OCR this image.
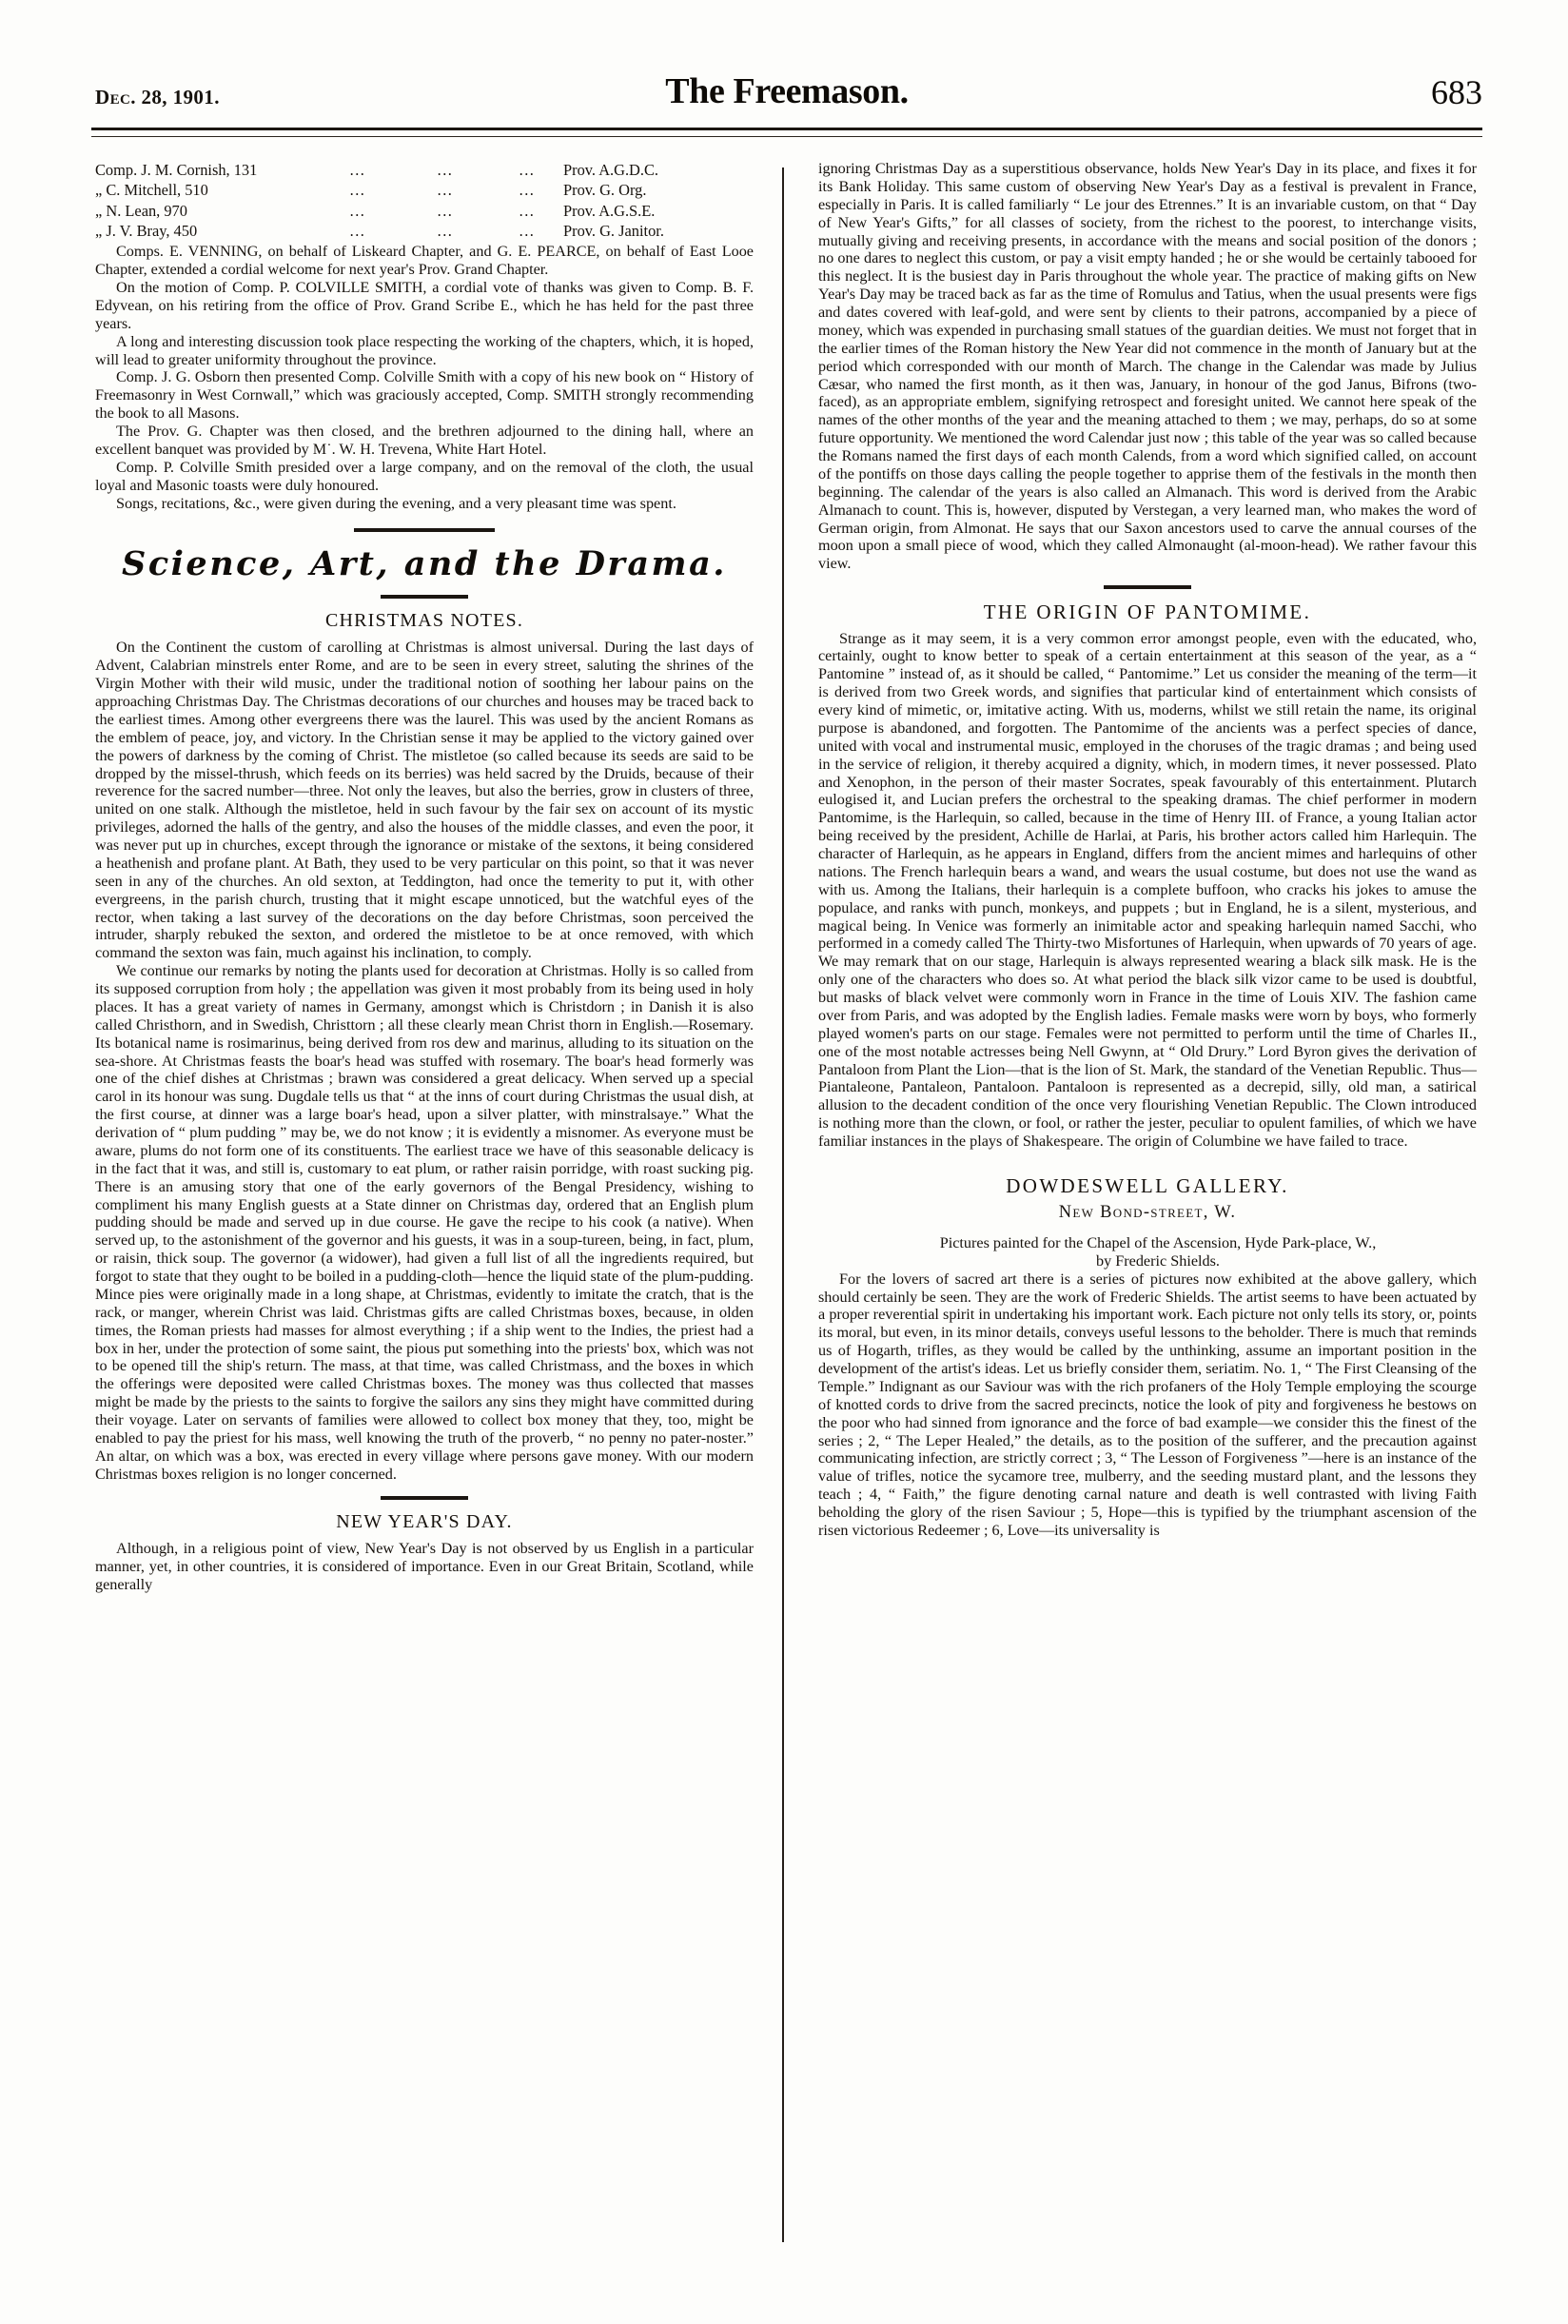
Dec. 28, 1901.	The Freemason.	683
Comp. J. M. Cornish, 131	...	...	...	Prov. A.G.D.C.
„ C. Mitchell, 510	...	...	...	Prov. G. Org.
„ N. Lean, 970	...	...	...	Prov. A.G.S.E.
„ J. V. Bray, 450	...	...	...	Prov. G. Janitor.

Comps. E. VENNING, on behalf of Liskeard Chapter, and G. E. PEARCE, on behalf of East Looe Chapter, extended a cordial welcome for next year's Prov. Grand Chapter.

On the motion of Comp. P. COLVILLE SMITH, a cordial vote of thanks was given to Comp. B. F. Edyvean, on his retiring from the office of Prov. Grand Scribe E., which he has held for the past three years.

A long and interesting discussion took place respecting the working of the chapters, which, it is hoped, will lead to greater uniformity throughout the province.

Comp. J. G. Osborn then presented Comp. Colville Smith with a copy of his new book on “ History of Freemasonry in West Cornwall,” which was graciously accepted, Comp. SMITH strongly recommending the book to all Masons.

The Prov. G. Chapter was then closed, and the brethren adjourned to the dining hall, where an excellent banquet was provided by M˙. W. H. Trevena, White Hart Hotel.

Comp. P. Colville Smith presided over a large company, and on the removal of the cloth, the usual loyal and Masonic toasts were duly honoured.

Songs, recitations, &c., were given during the evening, and a very pleasant time was spent.

Science, Art, and the Drama.
CHRISTMAS NOTES.

On the Continent the custom of carolling at Christmas is almost universal. During the last days of Advent, Calabrian minstrels enter Rome, and are to be seen in every street, saluting the shrines of the Virgin Mother with their wild music, under the traditional notion of soothing her labour pains on the approaching Christmas Day. The Christmas decorations of our churches and houses may be traced back to the earliest times. Among other evergreens there was the laurel. This was used by the ancient Romans as the emblem of peace, joy, and victory. In the Christian sense it may be applied to the victory gained over the powers of darkness by the coming of Christ. The mistletoe (so called because its seeds are said to be dropped by the missel-thrush, which feeds on its berries) was held sacred by the Druids, because of their reverence for the sacred number—three. Not only the leaves, but also the berries, grow in clusters of three, united on one stalk. Although the mistletoe, held in such favour by the fair sex on account of its mystic privileges, adorned the halls of the gentry, and also the houses of the middle classes, and even the poor, it was never put up in churches, except through the ignorance or mistake of the sextons, it being considered a heathenish and profane plant. At Bath, they used to be very particular on this point, so that it was never seen in any of the churches. An old sexton, at Teddington, had once the temerity to put it, with other evergreens, in the parish church, trusting that it might escape unnoticed, but the watchful eyes of the rector, when taking a last survey of the decorations on the day before Christmas, soon perceived the intruder, sharply rebuked the sexton, and ordered the mistletoe to be at once removed, with which command the sexton was fain, much against his inclination, to comply.

We continue our remarks by noting the plants used for decoration at Christmas. Holly is so called from its supposed corruption from holy ; the appellation was given it most probably from its being used in holy places. It has a great variety of names in Germany, amongst which is Christdorn ; in Danish it is also called Christhorn, and in Swedish, Christtorn ; all these clearly mean Christ thorn in English.—Rosemary. Its botanical name is rosimarinus, being derived from ros dew and marinus, alluding to its situation on the sea-shore. At Christmas feasts the boar's head was stuffed with rosemary. The boar's head formerly was one of the chief dishes at Christmas ; brawn was considered a great delicacy. When served up a special carol in its honour was sung. Dugdale tells us that “ at the inns of court during Christmas the usual dish, at the first course, at dinner was a large boar's head, upon a silver platter, with minstralsaye.” What the derivation of “ plum pudding ” may be, we do not know ; it is evidently a misnomer. As everyone must be aware, plums do not form one of its constituents. The earliest trace we have of this seasonable delicacy is in the fact that it was, and still is, customary to eat plum, or rather raisin porridge, with roast sucking pig. There is an amusing story that one of the early governors of the Bengal Presidency, wishing to compliment his many English guests at a State dinner on Christmas day, ordered that an English plum pudding should be made and served up in due course. He gave the recipe to his cook (a native). When served up, to the astonishment of the governor and his guests, it was in a soup-tureen, being, in fact, plum, or raisin, thick soup. The governor (a widower), had given a full list of all the ingredients required, but forgot to state that they ought to be boiled in a pudding-cloth—hence the liquid state of the plum-pudding. Mince pies were originally made in a long shape, at Christmas, evidently to imitate the cratch, that is the rack, or manger, wherein Christ was laid. Christmas gifts are called Christmas boxes, because, in olden times, the Roman priests had masses for almost everything ; if a ship went to the Indies, the priest had a box in her, under the protection of some saint, the pious put something into the priests' box, which was not to be opened till the ship's return. The mass, at that time, was called Christmass, and the boxes in which the offerings were deposited were called Christmas boxes. The money was thus collected that masses might be made by the priests to the saints to forgive the sailors any sins they might have committed during their voyage. Later on servants of families were allowed to collect box money that they, too, might be enabled to pay the priest for his mass, well knowing the truth of the proverb, “ no penny no pater-noster.” An altar, on which was a box, was erected in every village where persons gave money. With our modern Christmas boxes religion is no longer concerned.

NEW YEAR'S DAY.

Although, in a religious point of view, New Year's Day is not observed by us English in a particular manner, yet, in other countries, it is considered of importance. Even in our Great Britain, Scotland, while generally

ignoring Christmas Day as a superstitious observance, holds New Year's Day in its place, and fixes it for its Bank Holiday. This same custom of observing New Year's Day as a festival is prevalent in France, especially in Paris. It is called familiarly “ Le jour des Etrennes.” It is an invariable custom, on that “ Day of New Year's Gifts,” for all classes of society, from the richest to the poorest, to interchange visits, mutually giving and receiving presents, in accordance with the means and social position of the donors ; no one dares to neglect this custom, or pay a visit empty handed ; he or she would be certainly tabooed for this neglect. It is the busiest day in Paris throughout the whole year. The practice of making gifts on New Year's Day may be traced back as far as the time of Romulus and Tatius, when the usual presents were figs and dates covered with leaf-gold, and were sent by clients to their patrons, accompanied by a piece of money, which was expended in purchasing small statues of the guardian deities. We must not forget that in the earlier times of the Roman history the New Year did not commence in the month of January but at the period which corresponded with our month of March. The change in the Calendar was made by Julius Cæsar, who named the first month, as it then was, January, in honour of the god Janus, Bifrons (two-faced), as an appropriate emblem, signifying retrospect and foresight united. We cannot here speak of the names of the other months of the year and the meaning attached to them ; we may, perhaps, do so at some future opportunity. We mentioned the word Calendar just now ; this table of the year was so called because the Romans named the first days of each month Calends, from a word which signified called, on account of the pontiffs on those days calling the people together to apprise them of the festivals in the month then beginning. The calendar of the years is also called an Almanach. This word is derived from the Arabic Almanach to count. This is, however, disputed by Verstegan, a very learned man, who makes the word of German origin, from Almonat. He says that our Saxon ancestors used to carve the annual courses of the moon upon a small piece of wood, which they called Almonaught (al-moon-head). We rather favour this view.

THE ORIGIN OF PANTOMIME.

Strange as it may seem, it is a very common error amongst people, even with the educated, who, certainly, ought to know better to speak of a certain entertainment at this season of the year, as a “ Pantomine ” instead of, as it should be called, “ Pantomime.” Let us consider the meaning of the term—it is derived from two Greek words, and signifies that particular kind of entertainment which consists of every kind of mimetic, or, imitative acting. With us, moderns, whilst we still retain the name, its original purpose is abandoned, and forgotten. The Pantomime of the ancients was a perfect species of dance, united with vocal and instrumental music, employed in the choruses of the tragic dramas ; and being used in the service of religion, it thereby acquired a dignity, which, in modern times, it never possessed. Plato and Xenophon, in the person of their master Socrates, speak favourably of this entertainment. Plutarch eulogised it, and Lucian prefers the orchestral to the speaking dramas. The chief performer in modern Pantomime, is the Harlequin, so called, because in the time of Henry III. of France, a young Italian actor being received by the president, Achille de Harlai, at Paris, his brother actors called him Harlequin. The character of Harlequin, as he appears in England, differs from the ancient mimes and harlequins of other nations. The French harlequin bears a wand, and wears the usual costume, but does not use the wand as with us. Among the Italians, their harlequin is a complete buffoon, who cracks his jokes to amuse the populace, and ranks with punch, monkeys, and puppets ; but in England, he is a silent, mysterious, and magical being. In Venice was formerly an inimitable actor and speaking harlequin named Sacchi, who performed in a comedy called The Thirty-two Misfortunes of Harlequin, when upwards of 70 years of age. We may remark that on our stage, Harlequin is always represented wearing a black silk mask. He is the only one of the characters who does so. At what period the black silk vizor came to be used is doubtful, but masks of black velvet were commonly worn in France in the time of Louis XIV. The fashion came over from Paris, and was adopted by the English ladies. Female masks were worn by boys, who formerly played women's parts on our stage. Females were not permitted to perform until the time of Charles II., one of the most notable actresses being Nell Gwynn, at “ Old Drury.” Lord Byron gives the derivation of Pantaloon from Plant the Lion—that is the lion of St. Mark, the standard of the Venetian Republic. Thus—Piantaleone, Pantaleon, Pantaloon. Pantaloon is represented as a decrepid, silly, old man, a satirical allusion to the decadent condition of the once very flourishing Venetian Republic. The Clown introduced is nothing more than the clown, or fool, or rather the jester, peculiar to opulent families, of which we have familiar instances in the plays of Shakespeare. The origin of Columbine we have failed to trace.

DOWDESWELL GALLERY.
New Bond-street, W.

Pictures painted for the Chapel of the Ascension, Hyde Park-place, W.,

by Frederic Shields.

For the lovers of sacred art there is a series of pictures now exhibited at the above gallery, which should certainly be seen. They are the work of Frederic Shields. The artist seems to have been actuated by a proper reverential spirit in undertaking his important work. Each picture not only tells its story, or, points its moral, but even, in its minor details, conveys useful lessons to the beholder. There is much that reminds us of Hogarth, trifles, as they would be called by the unthinking, assume an important position in the development of the artist's ideas. Let us briefly consider them, seriatim. No. 1, “ The First Cleansing of the Temple.” Indignant as our Saviour was with the rich profaners of the Holy Temple employing the scourge of knotted cords to drive from the sacred precincts, notice the look of pity and forgiveness he bestows on the poor who had sinned from ignorance and the force of bad example—we consider this the finest of the series ; 2, “ The Leper Healed,” the details, as to the position of the sufferer, and the precaution against communicating infection, are strictly correct ; 3, “ The Lesson of Forgiveness ”—here is an instance of the value of trifles, notice the sycamore tree, mulberry, and the seeding mustard plant, and the lessons they teach ; 4, “ Faith,” the figure denoting carnal nature and death is well contrasted with living Faith beholding the glory of the risen Saviour ; 5, Hope—this is typified by the triumphant ascension of the risen victorious Redeemer ; 6, Love—its universality is
